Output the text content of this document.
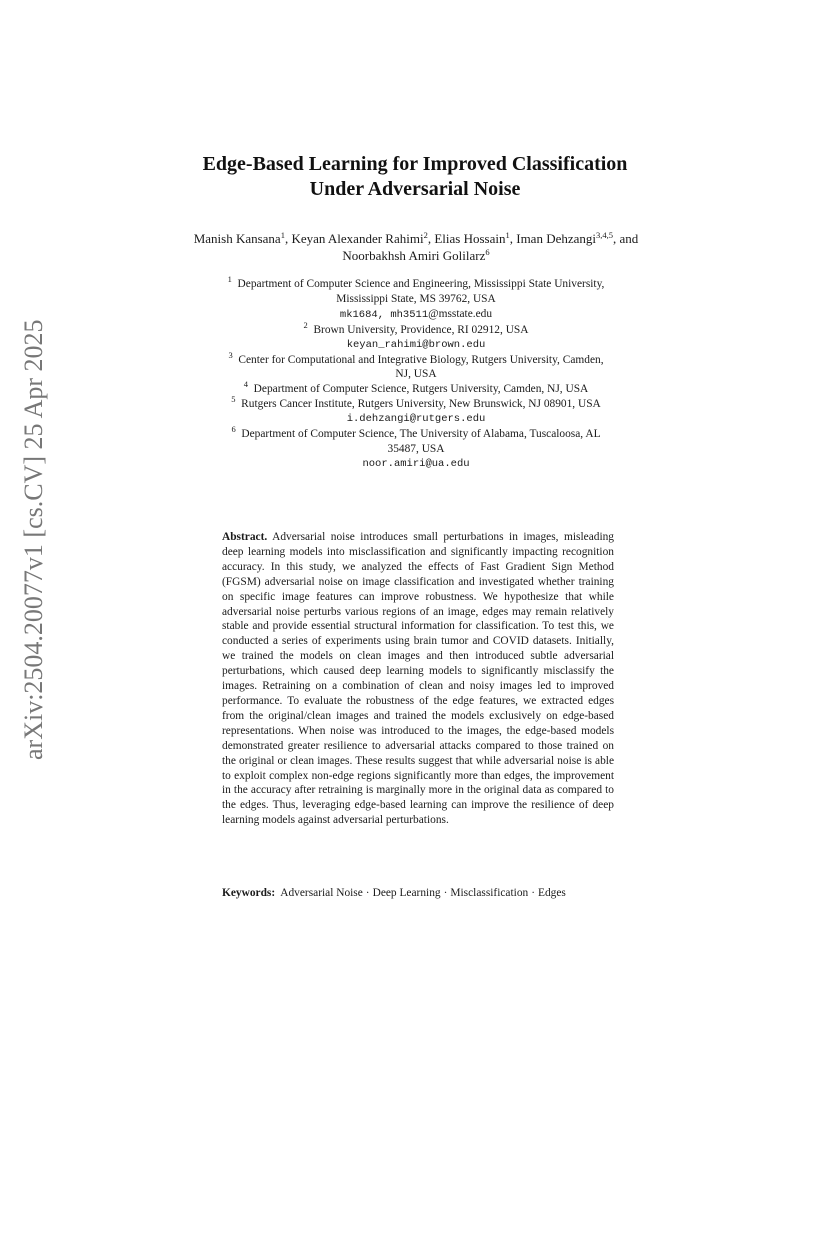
arXiv:2504.20077v1 [cs.CV] 25 Apr 2025
Edge-Based Learning for Improved Classification
Under Adversarial Noise
Manish Kansana$^1$, Keyan Alexander Rahimi$^2$, Elias Hossain$^1$, Iman Dehzangi$^{3,4,5}$, and Noorbakhsh Amiri Golilarz$^6$
$^1$ Department of Computer Science and Engineering, Mississippi State University,
Mississippi State, MS 39762, USA
mk1684, mh3511@msstate.edu
$^2$ Brown University, Providence, RI 02912, USA
keyan_rahimi@brown.edu
$^3$ Center for Computational and Integrative Biology, Rutgers University, Camden,
NJ, USA
$^4$ Department of Computer Science, Rutgers University, Camden, NJ, USA
$^5$ Rutgers Cancer Institute, Rutgers University, New Brunswick, NJ 08901, USA
i.dehzangi@rutgers.edu
$^6$ Department of Computer Science, The University of Alabama, Tuscaloosa, AL
35487, USA
noor.amiri@ua.edu
Abstract. Adversarial noise introduces small perturbations in images, misleading deep learning models into misclassification and significantly impacting recognition accuracy. In this study, we analyzed the effects of Fast Gradient Sign Method (FGSM) adversarial noise on image classification and investigated whether training on specific image features can improve robustness. We hypothesize that while adversarial noise perturbs various regions of an image, edges may remain relatively stable and provide essential structural information for classification. To test this, we conducted a series of experiments using brain tumor and COVID datasets. Initially, we trained the models on clean images and then introduced subtle adversarial perturbations, which caused deep learning models to significantly misclassify the images. Retraining on a combination of clean and noisy images led to improved performance. To evaluate the robustness of the edge features, we extracted edges from the original/clean images and trained the models exclusively on edge-based representations. When noise was introduced to the images, the edge-based models demonstrated greater resilience to adversarial attacks compared to those trained on the original or clean images. These results suggest that while adversarial noise is able to exploit complex non-edge regions significantly more than edges, the improvement in the accuracy after retraining is marginally more in the original data as compared to the edges. Thus, leveraging edge-based learning can improve the resilience of deep learning models against adversarial perturbations.
Keywords: Adversarial Noise · Deep Learning · Misclassification · Edges
